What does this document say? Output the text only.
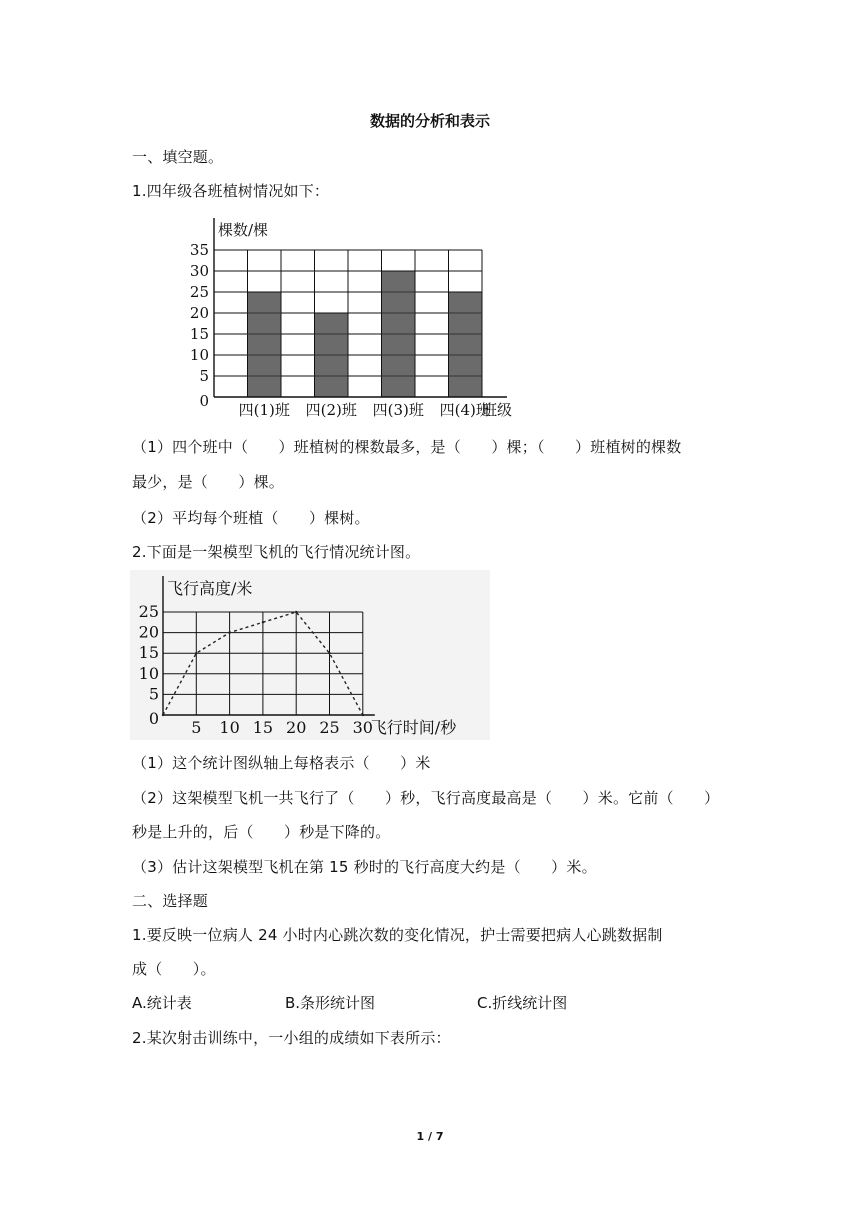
数据的分析和表示
一、填空题。
1.四年级各班植树情况如下：
0
5
10
15
20
25
30
35
棵数/棵
四(1)班 四(2)班 四(3)班 四(4)班
班级
（1）四个班中（　　）班植树的棵数最多，是（　　）棵；（　　）班植树的棵数
最少，是（　　）棵。
（2）平均每个班植（　　）棵树。
2.下面是一架模型飞机的飞行情况统计图。
0
5
10
15
20
25
5 10 15 20 25 30
飞行高度/米
飞行时间/秒
（1）这个统计图纵轴上每格表示（　　）米
（2）这架模型飞机一共飞行了（　　）秒，飞行高度最高是（　　）米。它前（　　）
秒是上升的，后（　　）秒是下降的。
（3）估计这架模型飞机在第 15 秒时的飞行高度大约是（　　）米。
二、选择题
1.要反映一位病人 24 小时内心跳次数的变化情况，护士需要把病人心跳数据制
成（　　）。
A.统计表	B.条形统计图	C.折线统计图
2.某次射击训练中，一小组的成绩如下表所示：
1 / 7
